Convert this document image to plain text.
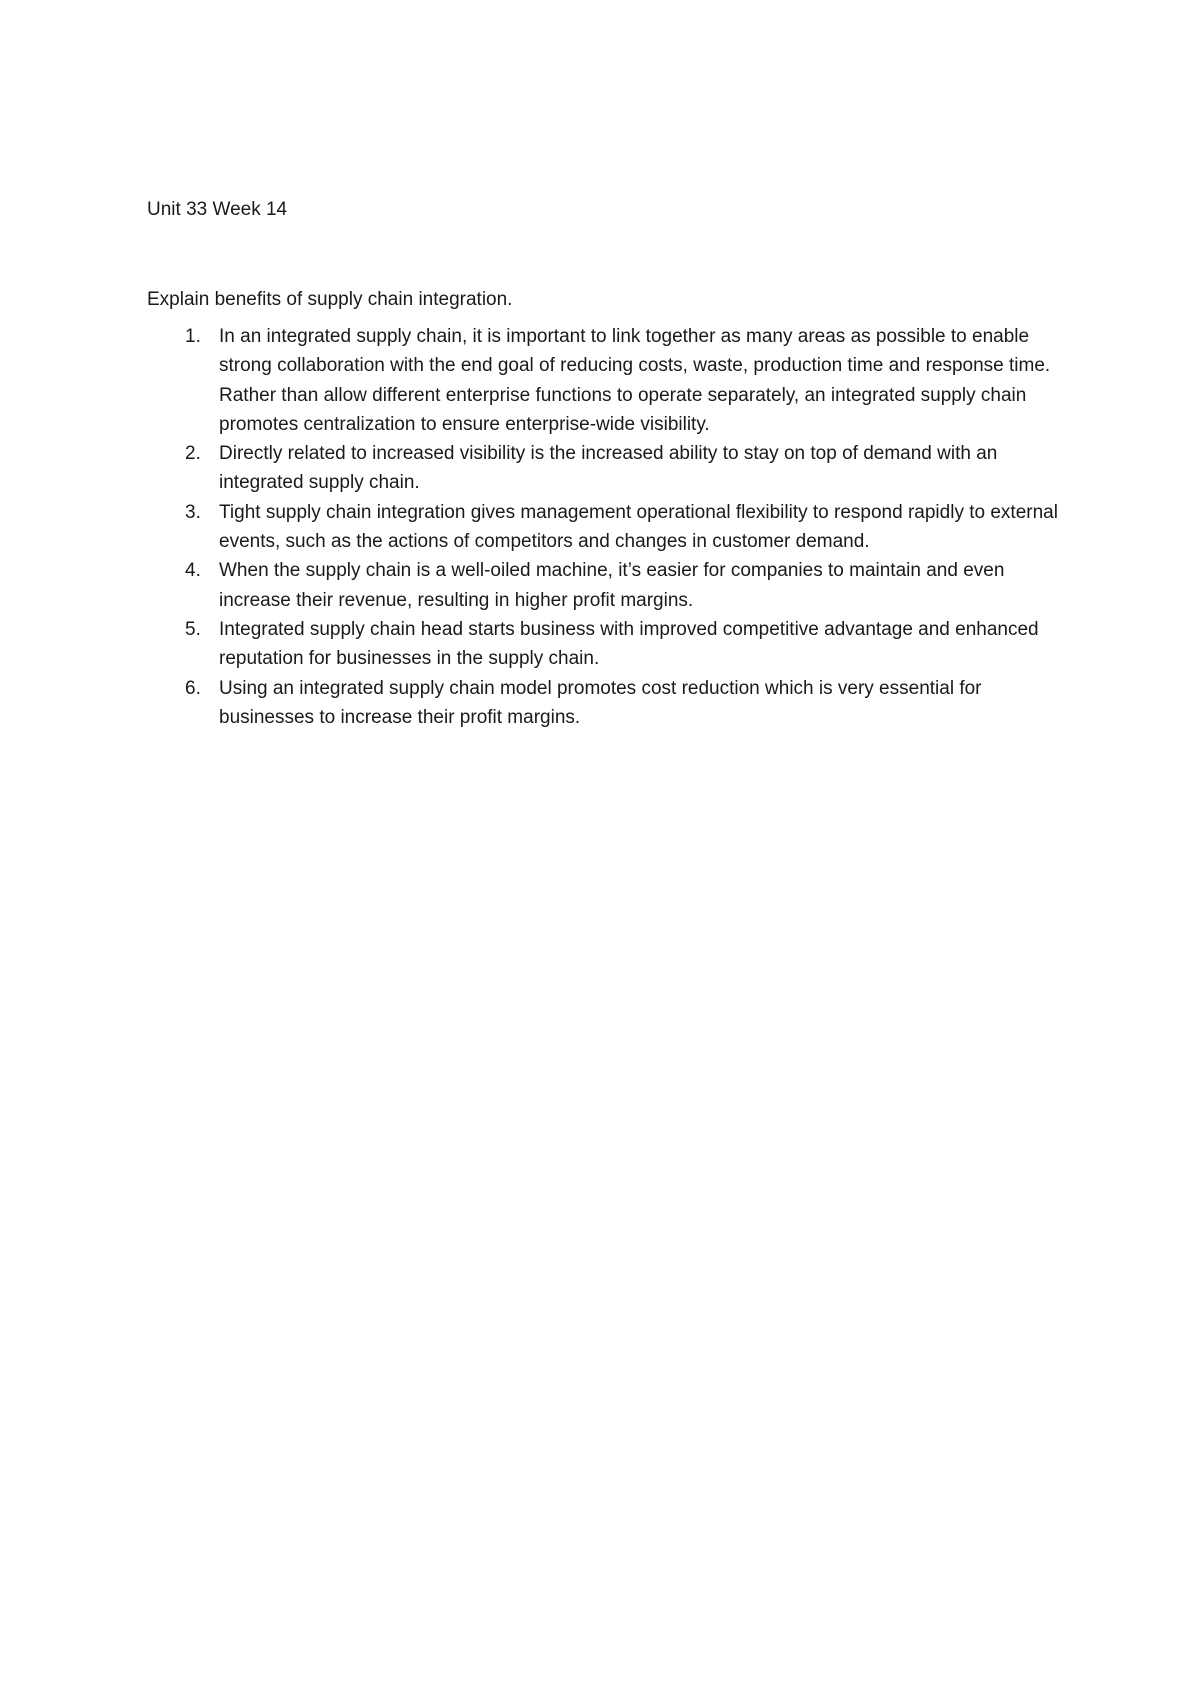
Unit 33 Week 14

Explain benefits of supply chain integration.

1. In an integrated supply chain, it is important to link together as many areas as possible to enable strong collaboration with the end goal of reducing costs, waste, production time and response time. Rather than allow different enterprise functions to operate separately, an integrated supply chain promotes centralization to ensure enterprise-wide visibility.
2. Directly related to increased visibility is the increased ability to stay on top of demand with an integrated supply chain.
3. Tight supply chain integration gives management operational flexibility to respond rapidly to external events, such as the actions of competitors and changes in customer demand.
4. When the supply chain is a well-oiled machine, it’s easier for companies to maintain and even increase their revenue, resulting in higher profit margins.
5. Integrated supply chain head starts business with improved competitive advantage and enhanced reputation for businesses in the supply chain.
6. Using an integrated supply chain model promotes cost reduction which is very essential for businesses to increase their profit margins.
